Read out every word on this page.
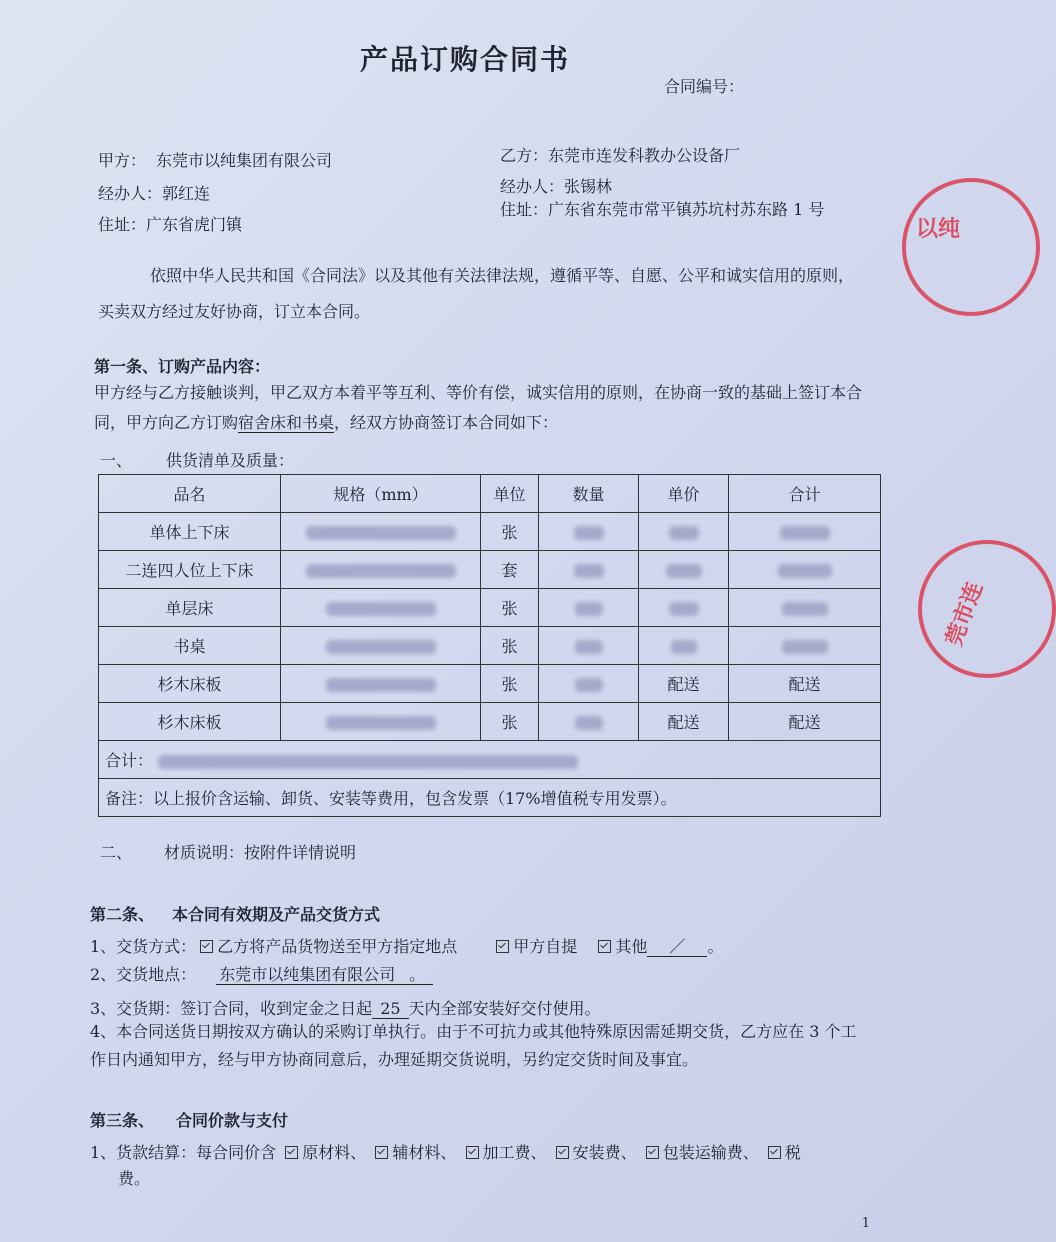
产品订购合同书
合同编号：
甲方： 东莞市以纯集团有限公司
经办人：郭红连
住址：广东省虎门镇
乙方：东莞市连发科教办公设备厂
经办人：张锡林
住址：广东省东莞市常平镇苏坑村苏东路 1 号
依照中华人民共和国《合同法》以及其他有关法律法规，遵循平等、自愿、公平和诚实信用的原则，买卖双方经过友好协商，订立本合同。
第一条、订购产品内容：
甲方经与乙方接触谈判，甲乙双方本着平等互利、等价有偿，诚实信用的原则，在协商一致的基础上签订本合同，甲方向乙方订购宿舍床和书桌，经双方协商签订本合同如下：
一、 供货清单及质量：
品名	规格（mm）	单位	数量	单价	合计
单体上下床		张			
二连四人位上下床		套			
单层床		张			
书桌		张			
杉木床板		张		配送	配送
杉木床板		张		配送	配送
合计：					
备注：以上报价含运输、卸货、安装等费用，包含发票（17%增值税专用发票）。					
二、 材质说明：按附件详情说明
第二条、 本合同有效期及产品交货方式
1、交货方式： 乙方将产品货物送至甲方指定地点	甲方自提 其他 ／ 。
2、交货地点： 东莞市以纯集团有限公司 。
3、交货期：签订合同，收到定金之日起 25 天内全部安装好交付使用。
4、本合同送货日期按双方确认的采购订单执行。由于不可抗力或其他特殊原因需延期交货，乙方应在 3 个工作日内通知甲方，经与甲方协商同意后，办理延期交货说明，另约定交货时间及事宜。
第三条、 合同价款与支付
1、货款结算：每合同价含 原材料、 辅材料、 加工费、 安装费、 包装运输费、 税
费。
1
以纯
莞市连
